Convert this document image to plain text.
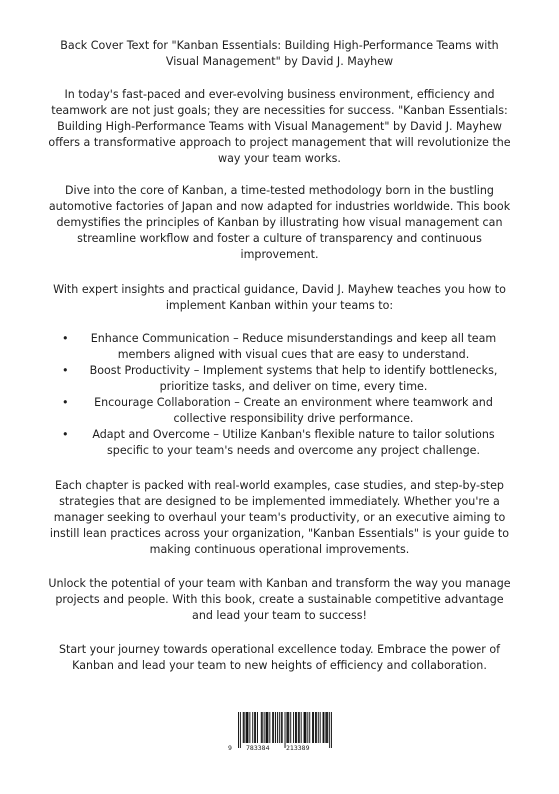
Back Cover Text for "Kanban Essentials: Building High-Performance Teams with Visual Management" by David J. Mayhew
In today's fast-paced and ever-evolving business environment, efficiency and teamwork are not just goals; they are necessities for success. "Kanban Essentials: Building High-Performance Teams with Visual Management" by David J. Mayhew offers a transformative approach to project management that will revolutionize the way your team works.
Dive into the core of Kanban, a time-tested methodology born in the bustling automotive factories of Japan and now adapted for industries worldwide. This book demystifies the principles of Kanban by illustrating how visual management can streamline workflow and foster a culture of transparency and continuous improvement.
With expert insights and practical guidance, David J. Mayhew teaches you how to implement Kanban within your teams to:
• Enhance Communication – Reduce misunderstandings and keep all team members aligned with visual cues that are easy to understand.
• Boost Productivity – Implement systems that help to identify bottlenecks, prioritize tasks, and deliver on time, every time.
• Encourage Collaboration – Create an environment where teamwork and collective responsibility drive performance.
• Adapt and Overcome – Utilize Kanban's flexible nature to tailor solutions specific to your team's needs and overcome any project challenge.
Each chapter is packed with real-world examples, case studies, and step-by-step strategies that are designed to be implemented immediately. Whether you're a manager seeking to overhaul your team's productivity, or an executive aiming to instill lean practices across your organization, "Kanban Essentials" is your guide to making continuous operational improvements.
Unlock the potential of your team with Kanban and transform the way you manage projects and people. With this book, create a sustainable competitive advantage and lead your team to success!
Start your journey towards operational excellence today. Embrace the power of Kanban and lead your team to new heights of efficiency and collaboration.
9 783384	213389
